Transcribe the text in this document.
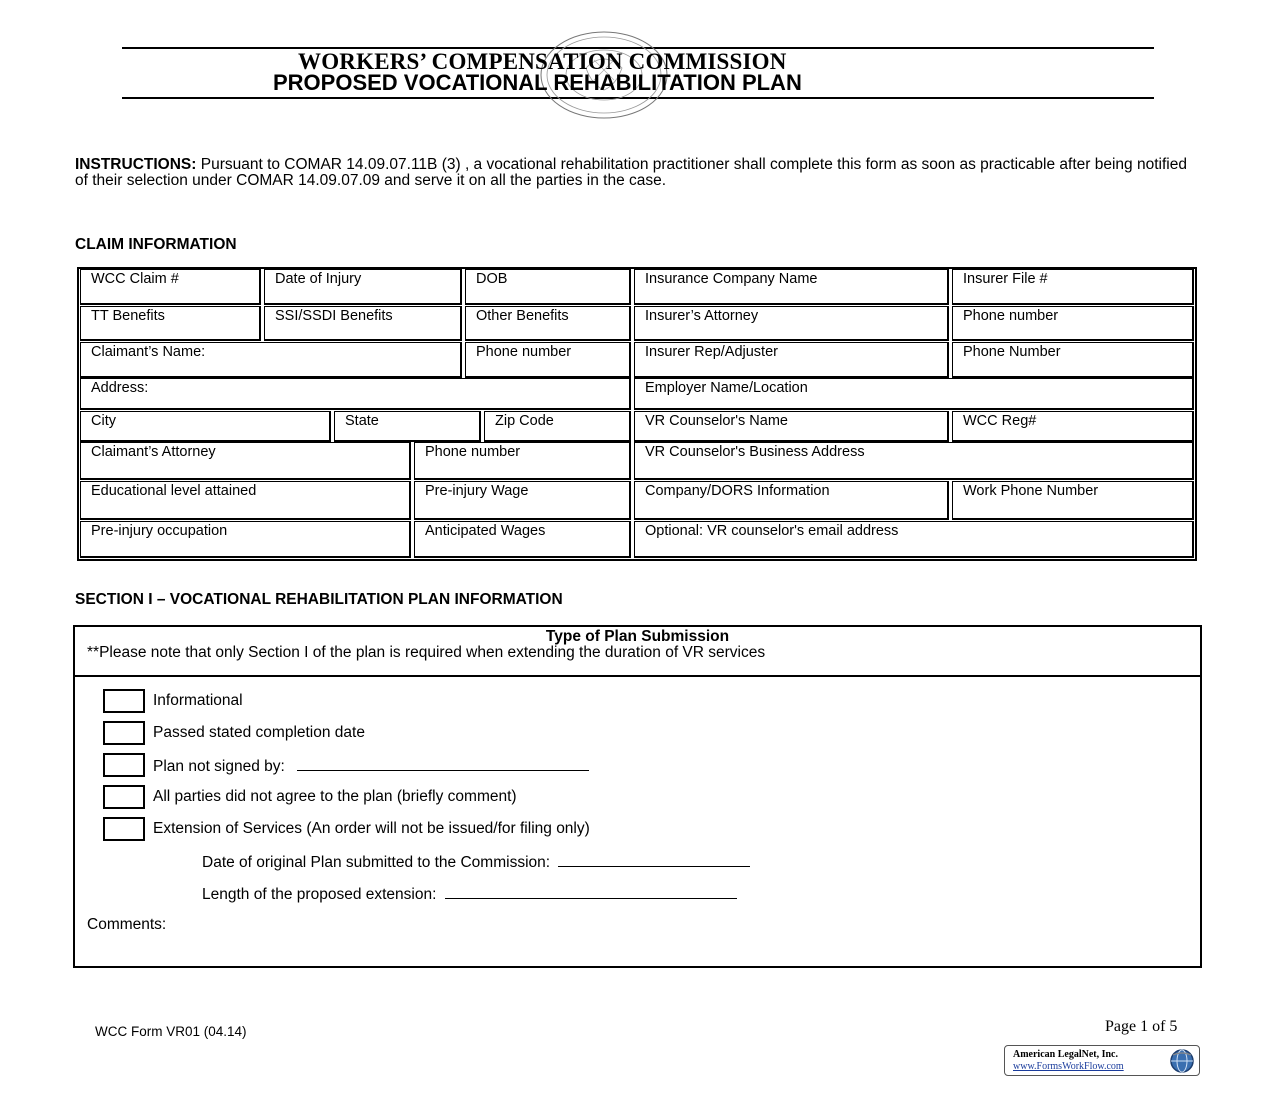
WORKERS’ COMPENSATION COMMISSION
PROPOSED VOCATIONAL REHABILITATION PLAN
INSTRUCTIONS: Pursuant to COMAR 14.09.07.11B (3) , a vocational rehabilitation practitioner shall complete this form as soon as practicable after being notified of their selection under COMAR 14.09.07.09 and serve it on all the parties in the case.
CLAIM INFORMATION
WCC Claim #	Date of Injury	DOB	Insurance Company Name	Insurer File #
TT Benefits	SSI/SSDI Benefits	Other Benefits	Insurer’s Attorney	Phone number
Claimant’s Name:	Phone number	Insurer Rep/Adjuster	Phone Number
Address:	Employer Name/Location
City	State	Zip Code	VR Counselor's Name	WCC Reg#
Claimant’s Attorney	Phone number	VR Counselor's Business Address
Educational level attained	Pre-injury Wage	Company/DORS Information	Work Phone Number
Pre-injury occupation	Anticipated Wages	Optional: VR counselor's email address
SECTION I – VOCATIONAL REHABILITATION PLAN INFORMATION
Type of Plan Submission
**Please note that only Section I of the plan is required when extending the duration of VR services
Informational
Passed stated completion date
Plan not signed by:
All parties did not agree to the plan (briefly comment)
Extension of Services (An order will not be issued/for filing only)
Date of original Plan submitted to the Commission:
Length of the proposed extension:
Comments:
WCC Form VR01 (04.14)	Page 1 of 5
American LegalNet, Inc.
www.FormsWorkFlow.com
